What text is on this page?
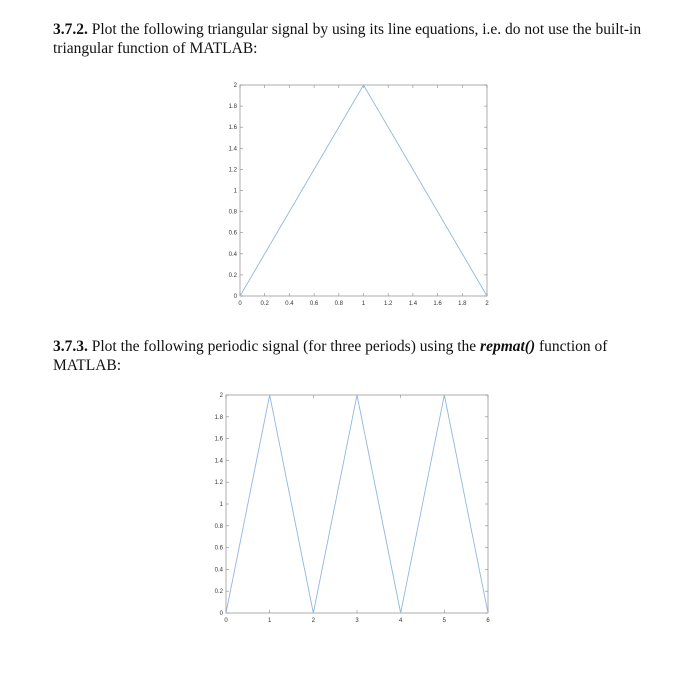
3.7.2. Plot the following triangular signal by using its line equations, i.e. do not use the built-in triangular function of MATLAB:

0
0.2
0.4
0.6
0.8
1
1.2
1.4
1.6
1.8
2
0	0.2	0.4	0.6	0.8	1	1.2	1.4	1.6	1.8	2

3.7.3. Plot the following periodic signal (for three periods) using the repmat() function of MATLAB:

0
0.2
0.4
0.6
0.8
1
1.2
1.4
1.6
1.8
2
0	1	2	3	4	5	6
